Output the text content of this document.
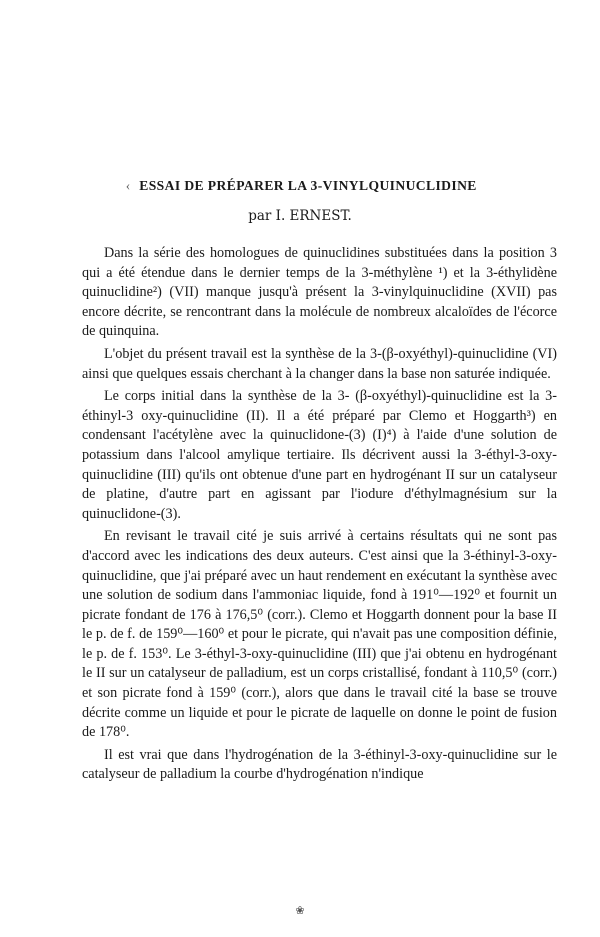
‹ ESSAI DE PRÉPARER LA 3-VINYLQUINUCLIDINE
par I. ERNEST.

Dans la série des homologues de quinuclidines substituées dans la position 3 qui a été étendue dans le dernier temps de la 3-méthylène ¹) et la 3-éthylidène quinuclidine²) (VII) manque jusqu'à présent la 3-vinylquinuclidine (XVII) pas encore décrite, se rencontrant dans la molécule de nombreux alcaloïdes de l'écorce de quinquina.

L'objet du présent travail est la synthèse de la 3-(β-oxyéthyl)-quinuclidine (VI) ainsi que quelques essais cherchant à la changer dans la base non saturée indiquée.

Le corps initial dans la synthèse de la 3- (β-oxyéthyl)-quinuclidine est la 3-éthinyl-3 oxy-quinuclidine (II). Il a été préparé par Clemo et Hoggarth³) en condensant l'acétylène avec la quinuclidone-(3) (I)⁴) à l'aide d'une solution de potassium dans l'alcool amylique tertiaire. Ils décrivent aussi la 3-éthyl-3-oxy-quinuclidine (III) qu'ils ont obtenue d'une part en hydrogénant II sur un catalyseur de platine, d'autre part en agissant par l'iodure d'éthylmagnésium sur la quinuclidone-(3).

En revisant le travail cité je suis arrivé à certains résultats qui ne sont pas d'accord avec les indications des deux auteurs. C'est ainsi que la 3-éthinyl-3-oxy-quinuclidine, que j'ai préparé avec un haut rendement en exécutant la synthèse avec une solution de sodium dans l'ammoniac liquide, fond à 191⁰—192⁰ et fournit un picrate fondant de 176 à 176,5⁰ (corr.). Clemo et Hoggarth donnent pour la base II le p. de f. de 159⁰—160⁰ et pour le picrate, qui n'avait pas une composition définie, le p. de f. 153⁰. Le 3-éthyl-3-oxy-quinuclidine (III) que j'ai obtenu en hydrogénant le II sur un catalyseur de palladium, est un corps cristallisé, fondant à 110,5⁰ (corr.) et son picrate fond à 159⁰ (corr.), alors que dans le travail cité la base se trouve décrite comme un liquide et pour le picrate de laquelle on donne le point de fusion de 178⁰.

Il est vrai que dans l'hydrogénation de la 3-éthinyl-3-oxy-quinuclidine sur le catalyseur de palladium la courbe d'hydrogénation n'indique

❀
